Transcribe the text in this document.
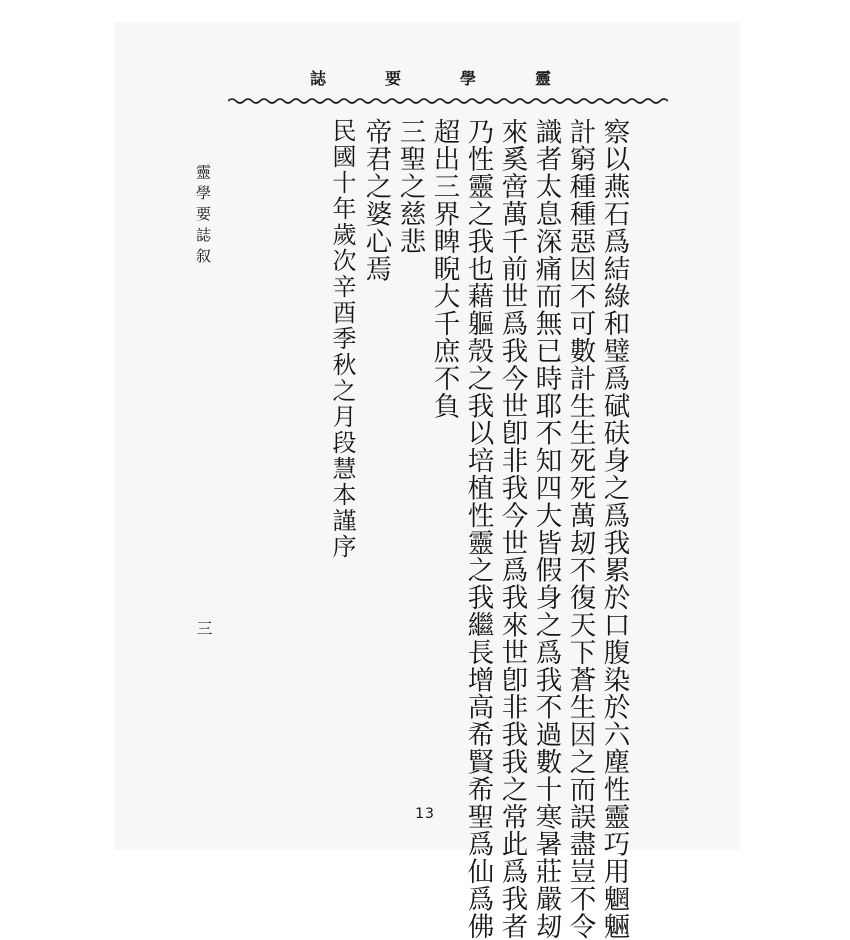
靈
學
要
誌
靈學要誌叙
三	察以燕石爲結綠和璧爲碔砆身之爲我累於口腹染於六塵性靈巧用魍魎
計窮種種惡因不可數計生生死死萬刼不復天下蒼生因之而誤盡豈不令
識者太息深痛而無已時耶不知四大皆假身之爲我不過數十寒暑莊嚴刼
來奚啻萬千前世爲我今世卽非我今世爲我來世卽非我我之常此爲我者
乃性靈之我也藉軀殼之我以培植性靈之我繼長增高希賢希聖爲仙爲佛
超出三界睥睨大千庶不負
三聖之慈悲
帝君之婆心焉
民國十年歲次辛酉季秋之月段慧本謹序
13
